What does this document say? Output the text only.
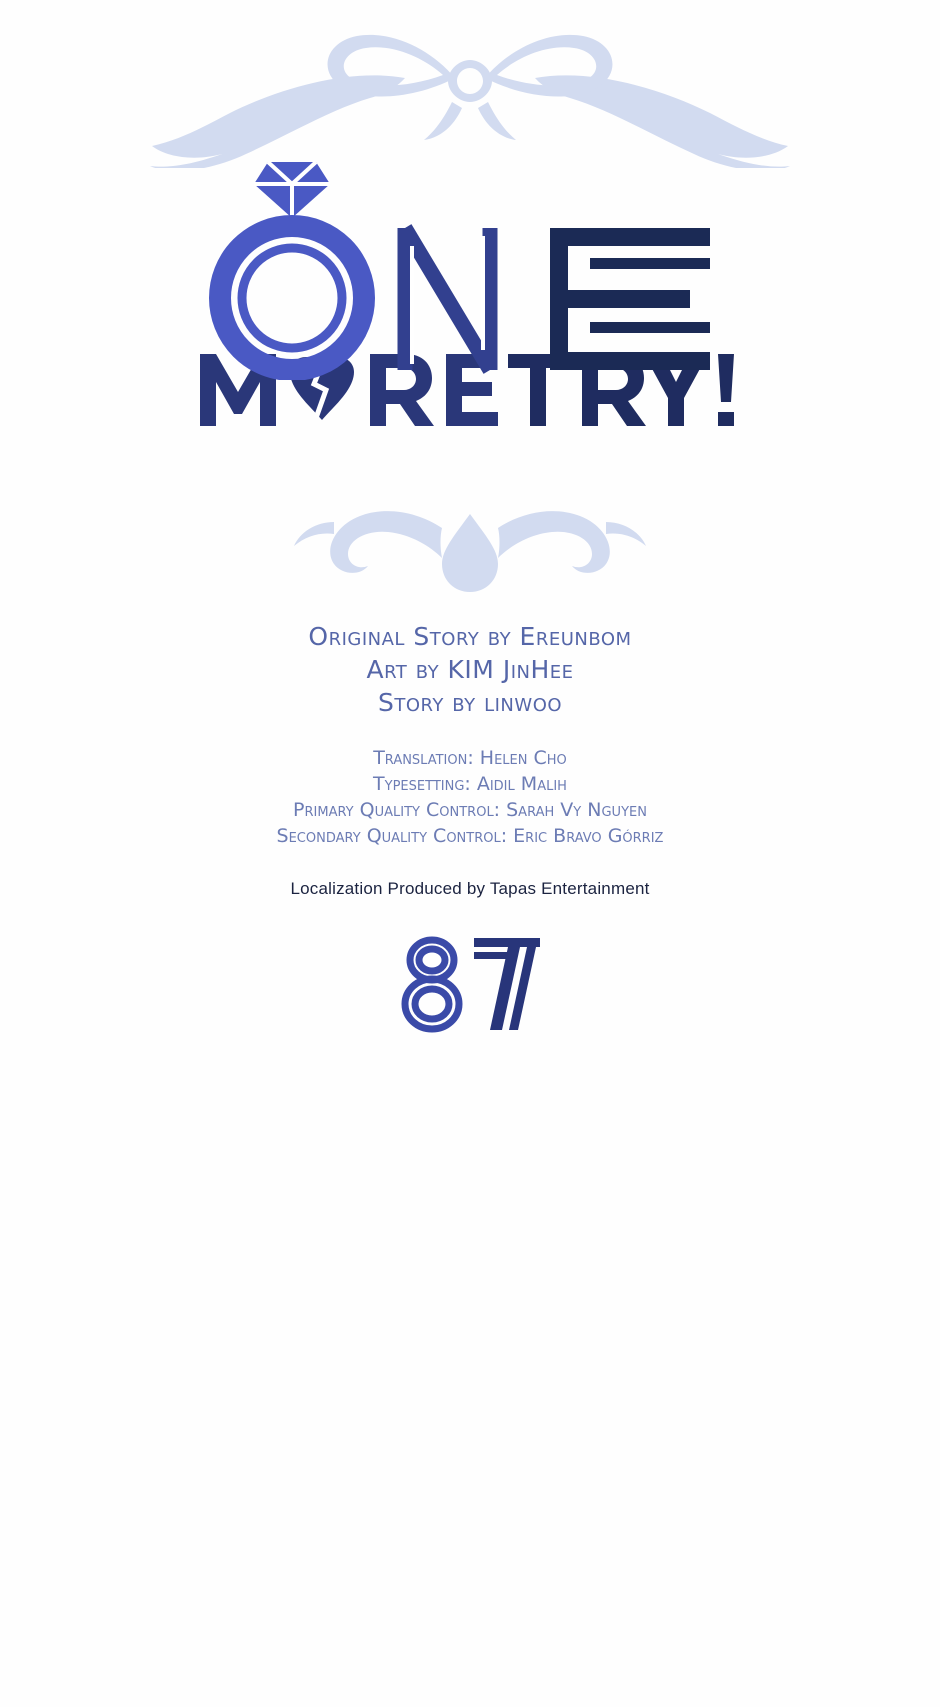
Original Story by Ereunbom
Art by KIM JinHee
Story by linwoo
Translation: Helen Cho
Typesetting: Aidil Malih
Primary Quality Control: Sarah Vy Nguyen
Secondary Quality Control: Eric Bravo Górriz
Localization Produced by Tapas Entertainment
